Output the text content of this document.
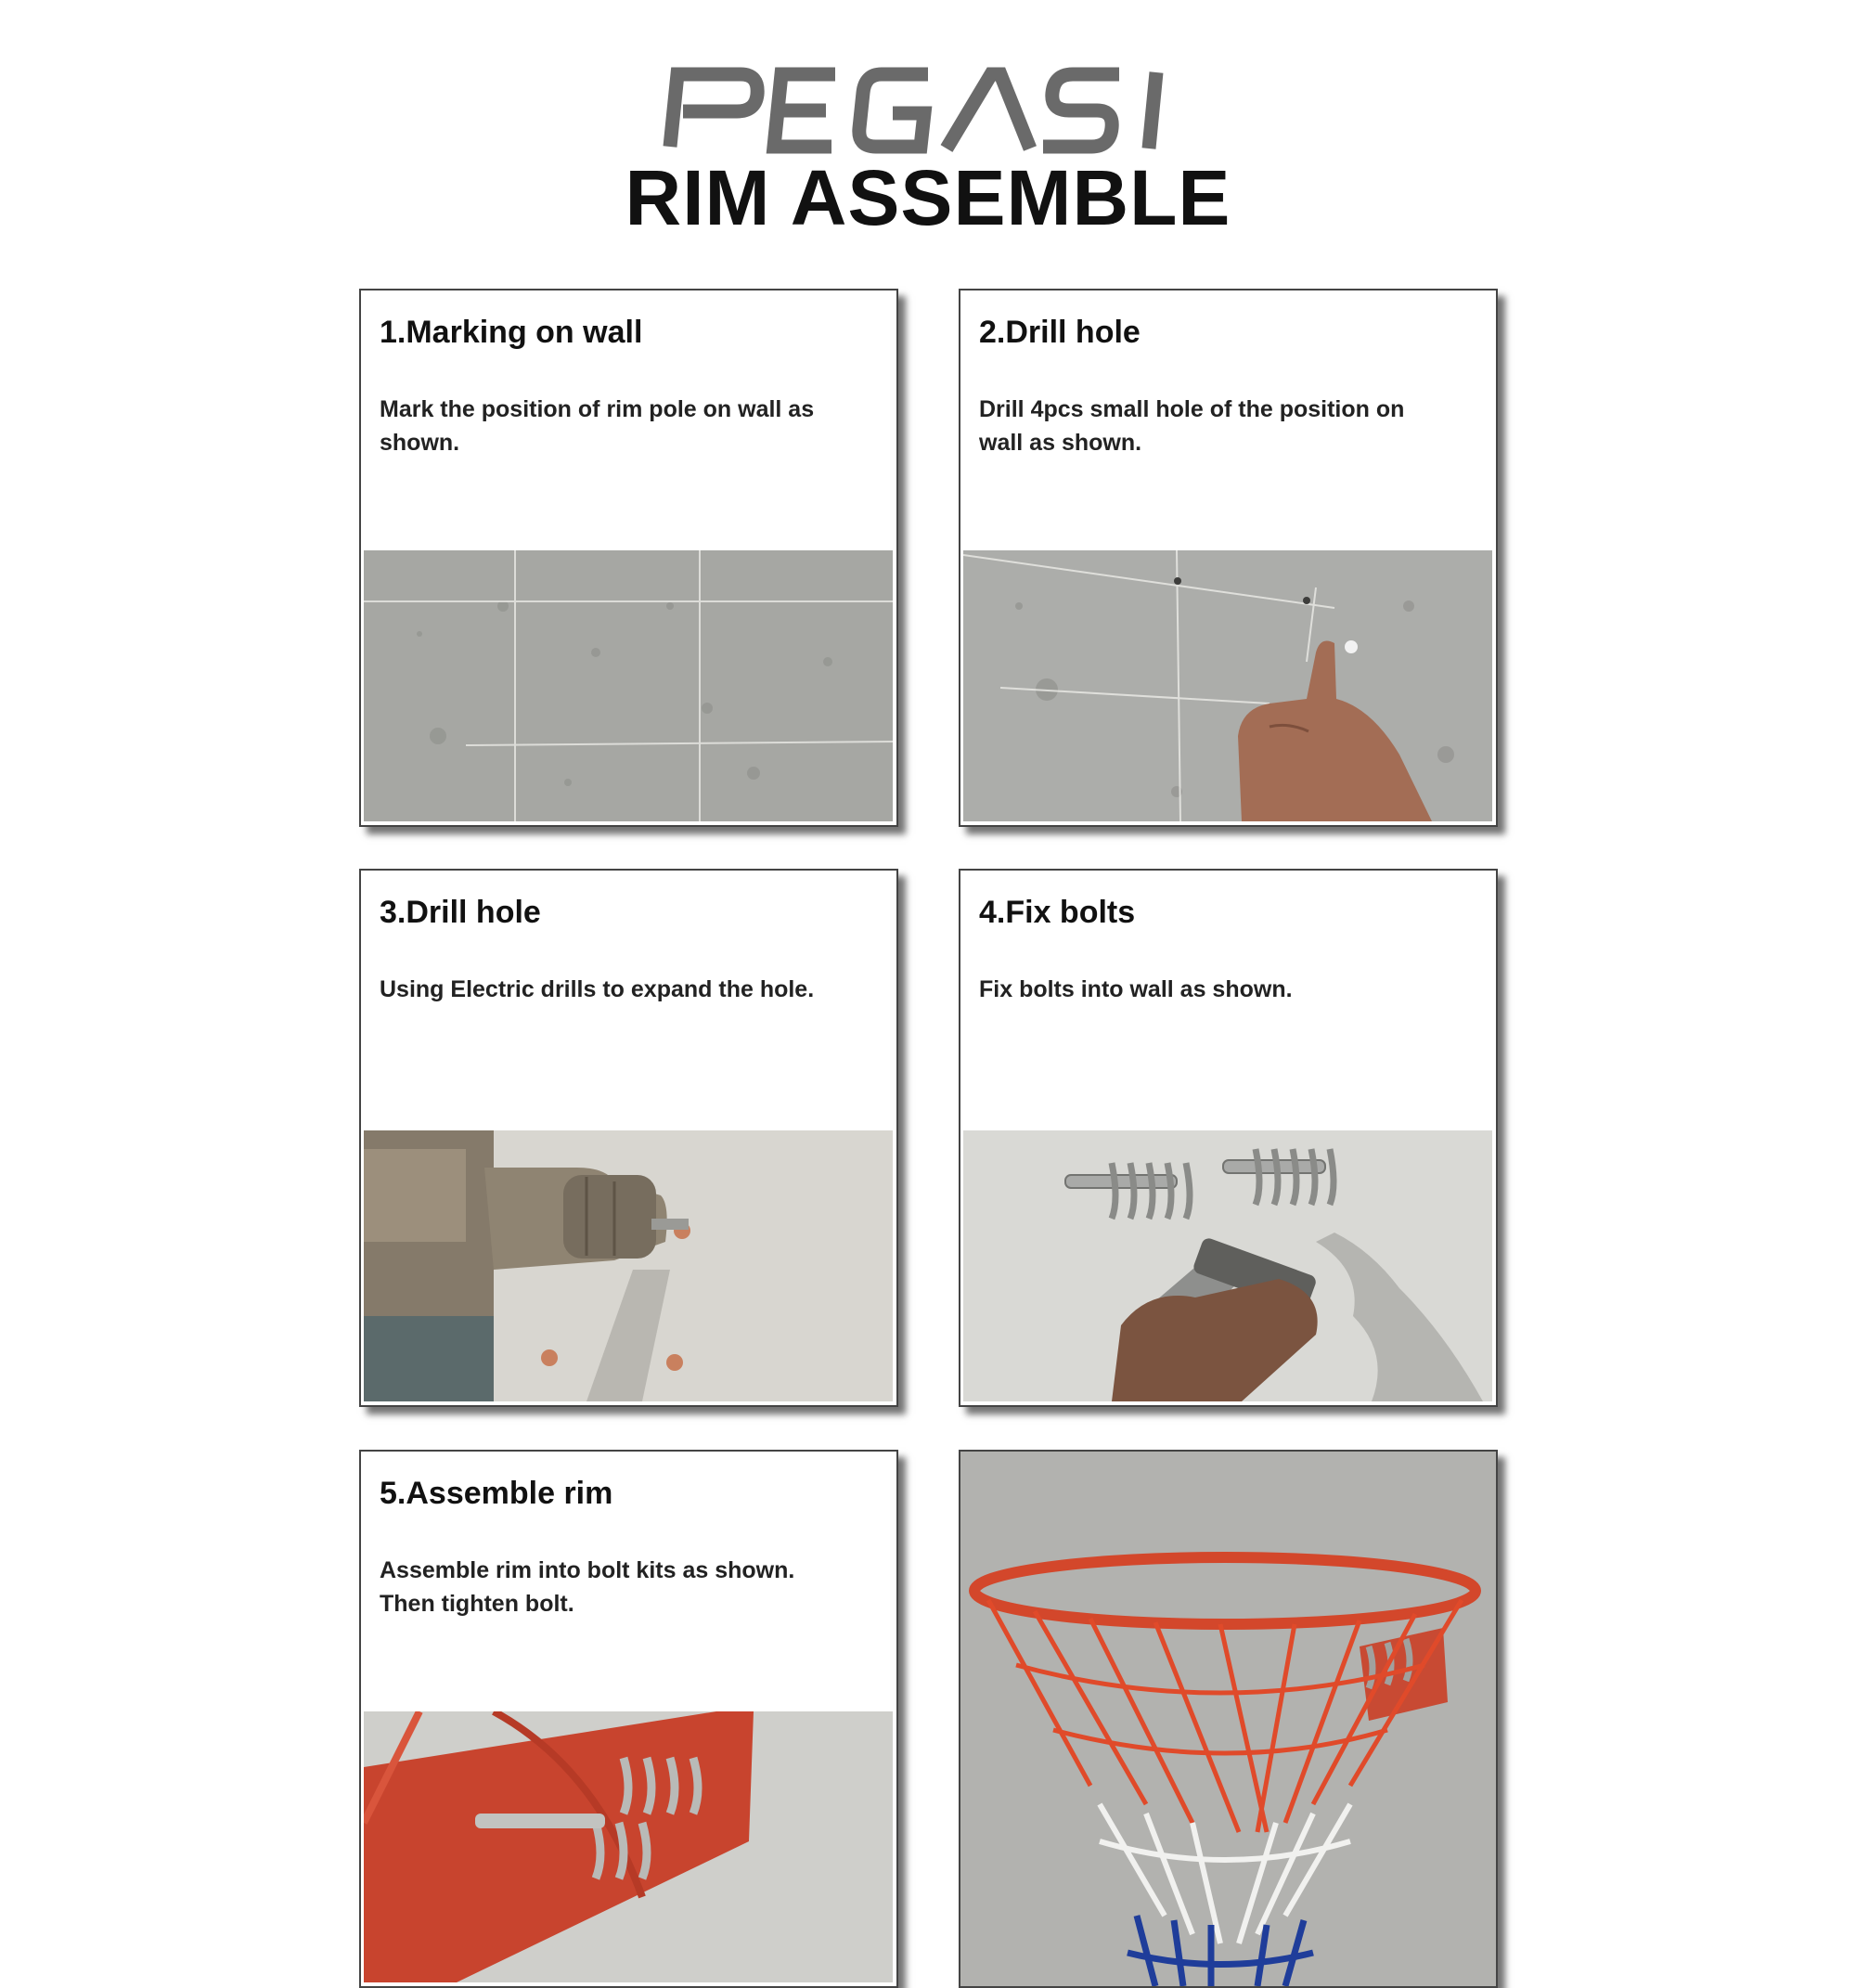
RIM ASSEMBLE
1.Marking on wall

Mark the position of rim pole on wall as shown.

2.Drill hole

Drill 4pcs small hole of the position on wall as shown.

3.Drill hole

Using Electric drills to expand the hole.

4.Fix bolts

Fix bolts into wall as shown.

5.Assemble rim

Assemble rim into bolt kits as shown. Then tighten bolt.
